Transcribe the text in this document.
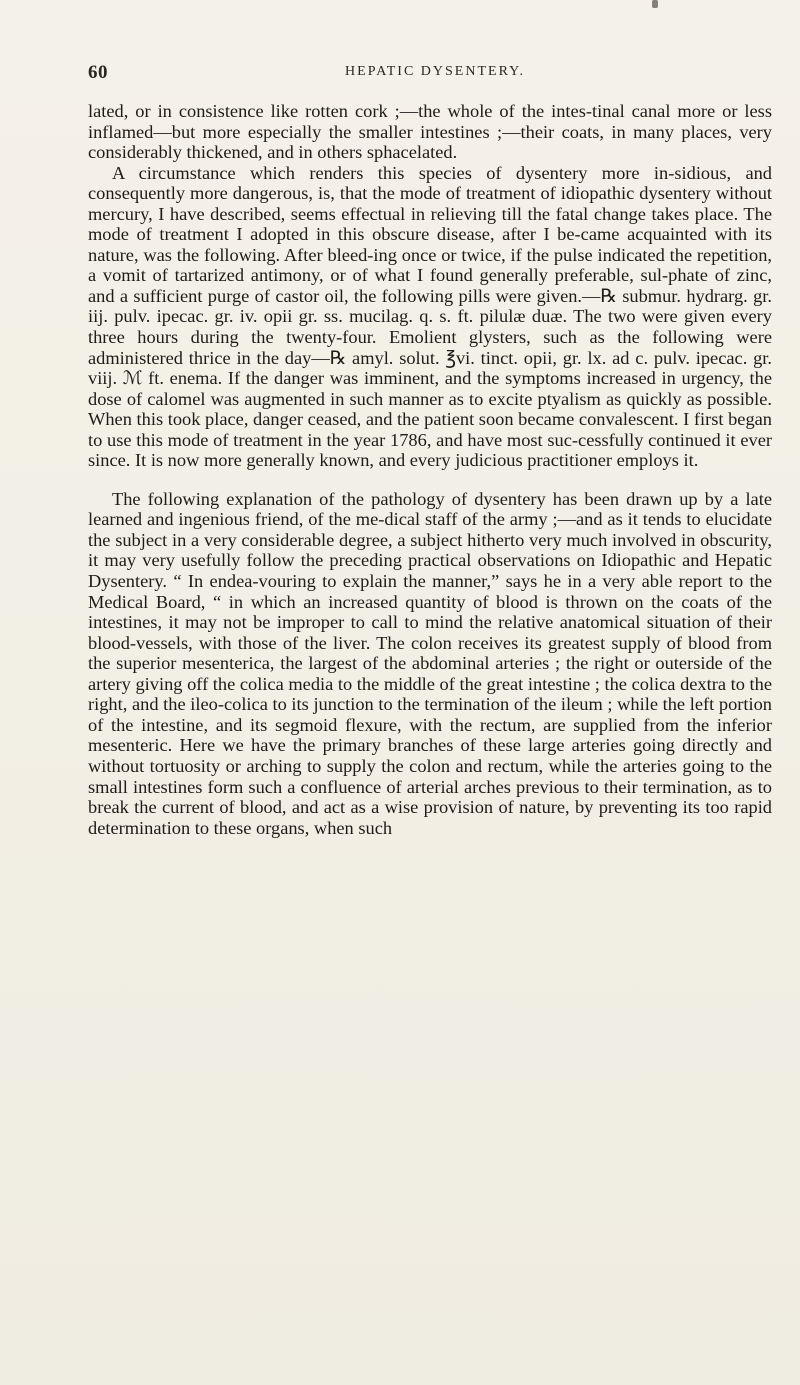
60	HEPATIC DYSENTERY.

lated, or in consistence like rotten cork ;—the whole of the intes-tinal canal more or less inflamed—but more especially the smaller intestines ;—their coats, in many places, very considerably thickened, and in others sphacelated.

A circumstance which renders this species of dysentery more in-sidious, and consequently more dangerous, is, that the mode of treatment of idiopathic dysentery without mercury, I have described, seems effectual in relieving till the fatal change takes place. The mode of treatment I adopted in this obscure disease, after I be-came acquainted with its nature, was the following. After bleed-ing once or twice, if the pulse indicated the repetition, a vomit of tartarized antimony, or of what I found generally preferable, sul-phate of zinc, and a sufficient purge of castor oil, the following pills were given.—℞ submur. hydrarg. gr. iij. pulv. ipecac. gr. iv. opii gr. ss. mucilag. q. s. ft. pilulæ duæ. The two were given every three hours during the twenty-four. Emolient glysters, such as the following were administered thrice in the day—℞ amyl. solut. ℥vi. tinct. opii, gr. lx. ad c. pulv. ipecac. gr. viij. ℳ ft. enema. If the danger was imminent, and the symptoms increased in urgency, the dose of calomel was augmented in such manner as to excite ptyalism as quickly as possible. When this took place, danger ceased, and the patient soon became convalescent. I first began to use this mode of treatment in the year 1786, and have most suc-cessfully continued it ever since. It is now more generally known, and every judicious practitioner employs it.

The following explanation of the pathology of dysentery has been drawn up by a late learned and ingenious friend, of the me-dical staff of the army ;—and as it tends to elucidate the subject in a very considerable degree, a subject hitherto very much involved in obscurity, it may very usefully follow the preceding practical observations on Idiopathic and Hepatic Dysentery. “ In endea-vouring to explain the manner,” says he in a very able report to the Medical Board, “ in which an increased quantity of blood is thrown on the coats of the intestines, it may not be improper to call to mind the relative anatomical situation of their blood-vessels, with those of the liver. The colon receives its greatest supply of blood from the superior mesenterica, the largest of the abdominal arteries ; the right or outerside of the artery giving off the colica media to the middle of the great intestine ; the colica dextra to the right, and the ileo-colica to its junction to the termination of the ileum ; while the left portion of the intestine, and its segmoid flexure, with the rectum, are supplied from the inferior mesenteric. Here we have the primary branches of these large arteries going directly and without tortuosity or arching to supply the colon and rectum, while the arteries going to the small intestines form such a confluence of arterial arches previous to their termination, as to break the current of blood, and act as a wise provision of nature, by preventing its too rapid determination to these organs, when such
